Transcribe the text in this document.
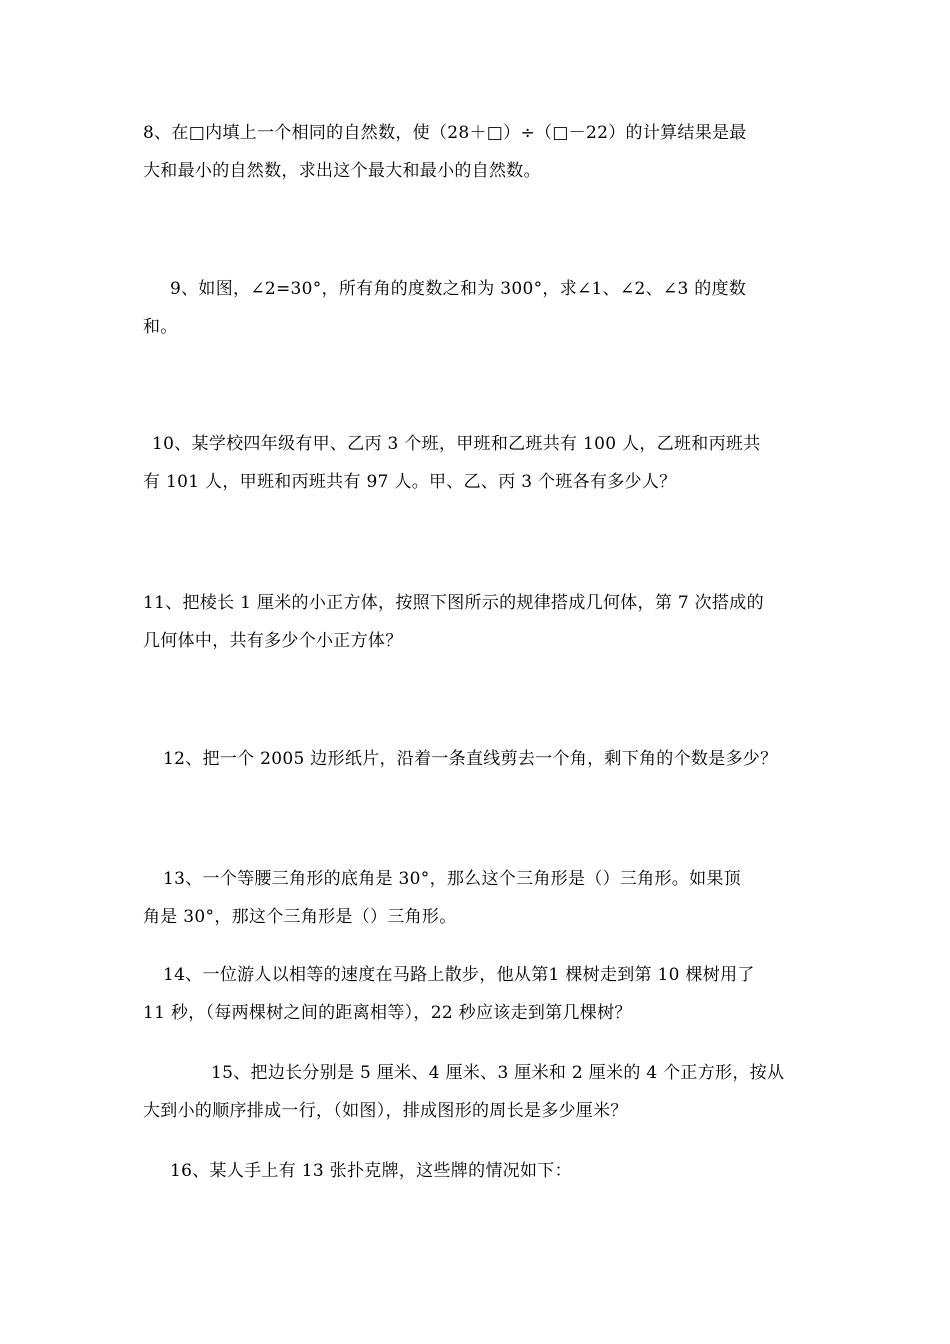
8、在□内填上一个相同的自然数，使（28＋□）÷（□－22）的计算结果是最
大和最小的自然数，求出这个最大和最小的自然数。
9、如图，∠2=30°，所有角的度数之和为 300°，求∠1、∠2、∠3 的度数
和。
10、某学校四年级有甲、乙丙 3 个班，甲班和乙班共有 100 人，乙班和丙班共
有 101 人，甲班和丙班共有 97 人。甲、乙、丙 3 个班各有多少人？
11、把棱长 1 厘米的小正方体，按照下图所示的规律搭成几何体，第 7 次搭成的
几何体中，共有多少个小正方体？
12、把一个 2005 边形纸片，沿着一条直线剪去一个角，剩下角的个数是多少？
13、一个等腰三角形的底角是 30°，那么这个三角形是（）三角形。如果顶
角是 30°，那这个三角形是（）三角形。
14、一位游人以相等的速度在马路上散步，他从第1 棵树走到第 10 棵树用了
11 秒，（每两棵树之间的距离相等），22 秒应该走到第几棵树？
15、把边长分别是 5 厘米、4 厘米、3 厘米和 2 厘米的 4 个正方形，按从
大到小的顺序排成一行，（如图），排成图形的周长是多少厘米？
16、某人手上有 13 张扑克牌，这些牌的情况如下：
